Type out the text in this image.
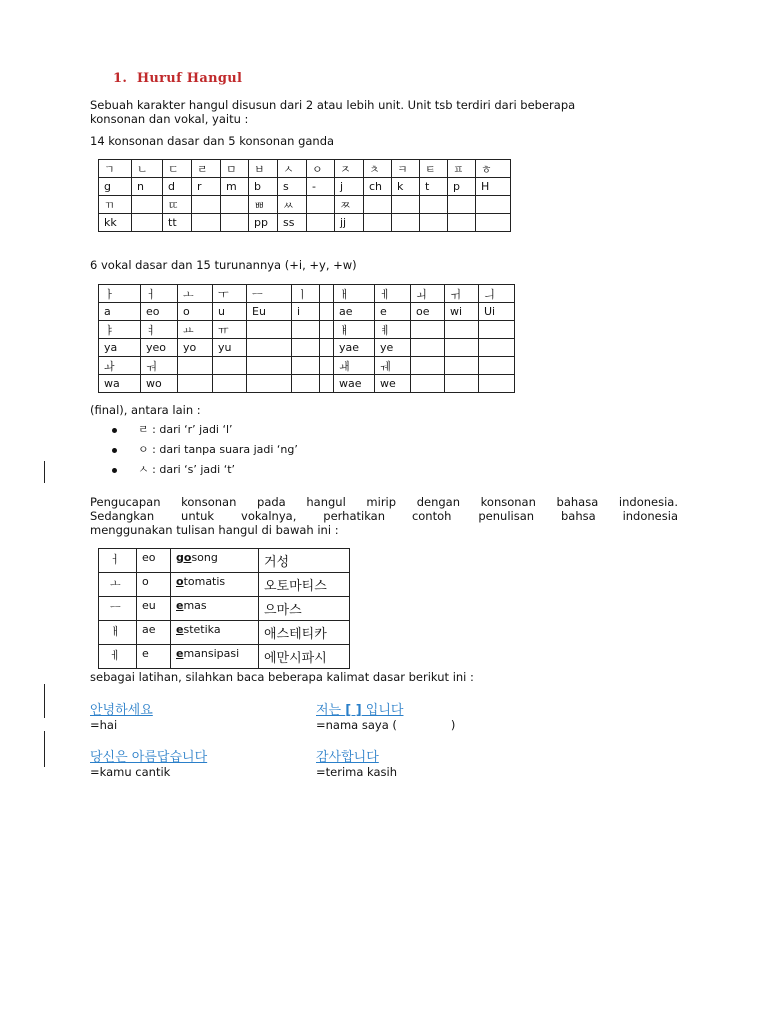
1. Huruf Hangul
Sebuah karakter hangul disusun dari 2 atau lebih unit. Unit tsb terdiri dari beberapa
konsonan dan vokal, yaitu :
14 konsonan dasar dan 5 konsonan ganda
ㄱ	ㄴ	ㄷ	ㄹ	ㅁ	ㅂ	ㅅ	ㅇ	ㅈ	ㅊ	ㅋ	ㅌ	ㅍ	ㅎ
g	n	d	r	m	b	s	-	j	ch	k	t	p	H
ㄲ		ㄸ			ㅃ	ㅆ		ㅉ					
kk		tt			pp	ss		jj					
6 vokal dasar dan 15 turunannya (+i, +y, +w)
ㅏ	ㅓ	ㅗ	ㅜ	ㅡ	ㅣ		ㅐ	ㅔ	ㅚ	ㅟ	ㅢ
a	eo	o	u	Eu	i		ae	e	oe	wi	Ui
ㅑ	ㅕ	ㅛ	ㅠ				ㅒ	ㅖ			
ya	yeo	yo	yu				yae	ye			
ㅘ	ㅝ						ㅙ	ㅞ			
wa	wo						wae	we			
(final), antara lain :
ㄹ : dari ‘r’ jadi ‘l’
ㅇ : dari tanpa suara jadi ‘ng’
ㅅ : dari ‘s’ jadi ‘t’
Pengucapan konsonan pada hangul mirip dengan konsonan bahasa indonesia.
Sedangkan untuk vokalnya, perhatikan contoh penulisan bahsa indonesia
menggunakan tulisan hangul di bawah ini :
ㅓ	eo	gosong	거성
ㅗ	o	otomatis	오토마티스
ㅡ	eu	emas	으마스
ㅐ	ae	estetika	애스테티카
ㅔ	e	emansipasi	에만시파시
sebagai latihan, silahkan baca beberapa kalimat dasar berikut ini :
안녕하세요
=hai
저는 [ ] 입니다
=nama saya (	)
당신은 아름답습니다
=kamu cantik
감사합니다
=terima kasih
